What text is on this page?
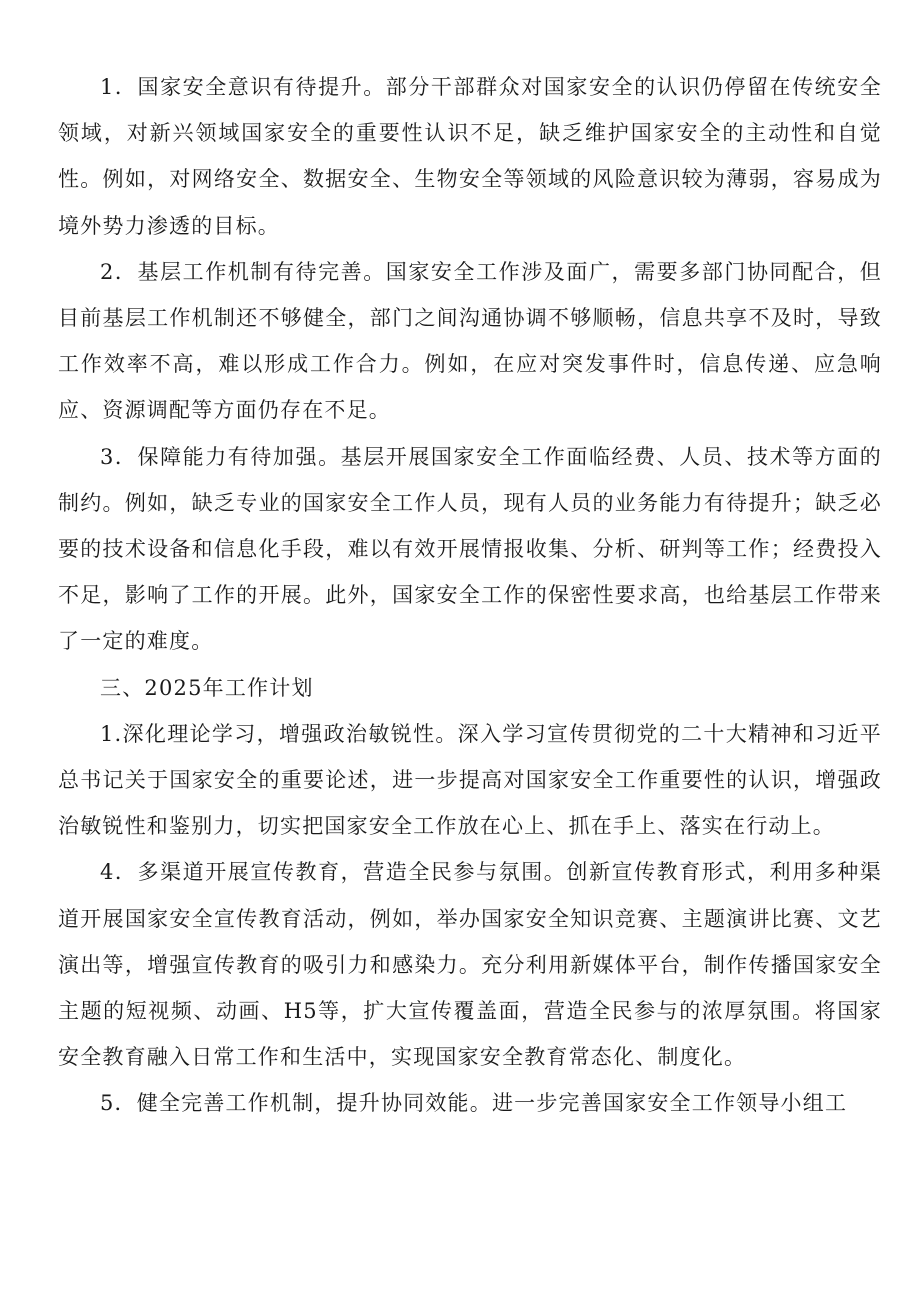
1．国家安全意识有待提升。部分干部群众对国家安全的认识仍停留在传统安全领域，对新兴领域国家安全的重要性认识不足，缺乏维护国家安全的主动性和自觉性。例如，对网络安全、数据安全、生物安全等领域的风险意识较为薄弱，容易成为境外势力渗透的目标。

2．基层工作机制有待完善。国家安全工作涉及面广，需要多部门协同配合，但目前基层工作机制还不够健全，部门之间沟通协调不够顺畅，信息共享不及时，导致工作效率不高，难以形成工作合力。例如，在应对突发事件时，信息传递、应急响应、资源调配等方面仍存在不足。

3．保障能力有待加强。基层开展国家安全工作面临经费、人员、技术等方面的制约。例如，缺乏专业的国家安全工作人员，现有人员的业务能力有待提升；缺乏必要的技术设备和信息化手段，难以有效开展情报收集、分析、研判等工作；经费投入不足，影响了工作的开展。此外，国家安全工作的保密性要求高，也给基层工作带来了一定的难度。

三、2025年工作计划

1.深化理论学习，增强政治敏锐性。深入学习宣传贯彻党的二十大精神和习近平总书记关于国家安全的重要论述，进一步提高对国家安全工作重要性的认识，增强政治敏锐性和鉴别力，切实把国家安全工作放在心上、抓在手上、落实在行动上。

4．多渠道开展宣传教育，营造全民参与氛围。创新宣传教育形式，利用多种渠道开展国家安全宣传教育活动，例如，举办国家安全知识竞赛、主题演讲比赛、文艺演出等，增强宣传教育的吸引力和感染力。充分利用新媒体平台，制作传播国家安全主题的短视频、动画、H5等，扩大宣传覆盖面，营造全民参与的浓厚氛围。将国家安全教育融入日常工作和生活中，实现国家安全教育常态化、制度化。

5．健全完善工作机制，提升协同效能。进一步完善国家安全工作领导小组工
